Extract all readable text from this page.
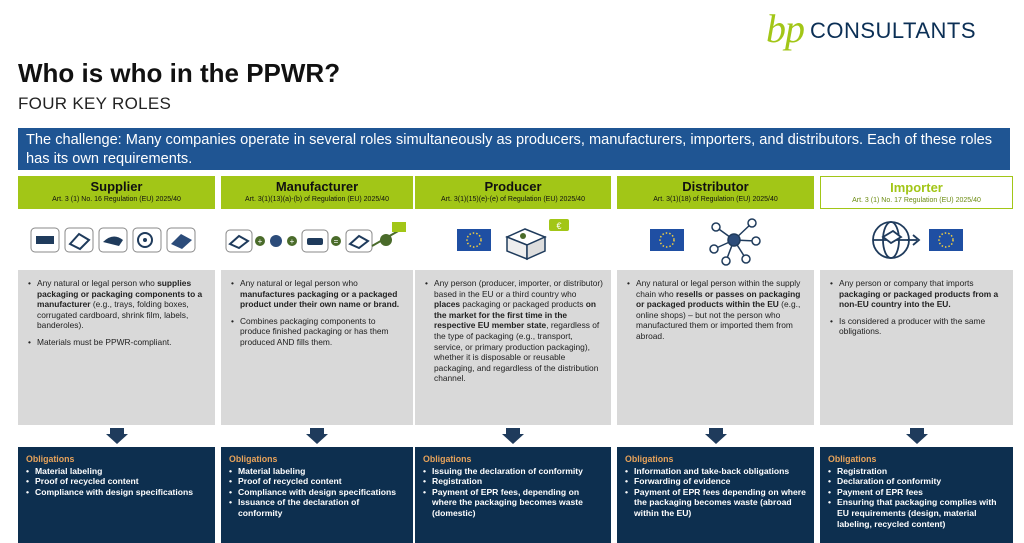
bp CONSULTANTS
Who is who in the PPWR?
FOUR KEY ROLES
The challenge: Many companies operate in several roles simultaneously as producers, manufacturers, importers, and distributors. Each of these roles has its own requirements.
Supplier
Art. 3 (1) No. 16 Regulation (EU) 2025/40
• Any natural or legal person who supplies packaging or packaging components to a manufacturer (e.g., trays, folding boxes, corrugated cardboard, shrink film, labels, banderoles).
• Materials must be PPWR-compliant.
Obligations
• Material labeling
• Proof of recycled content
• Compliance with design specifications
Manufacturer
Art. 3(1)(13)(a)-(b) of Regulation (EU) 2025/40
+	+	=
• Any natural or legal person who manufactures packaging or a packaged product under their own name or brand.
• Combines packaging components to produce finished packaging or has them produced AND fills them.
Obligations
• Material labeling
• Proof of recycled content
• Compliance with design specifications
• Issuance of the declaration of conformity
Producer
Art. 3(1)(15)(e)-(e) of Regulation (EU) 2025/40
€
• Any person (producer, importer, or distributor) based in the EU or a third country who places packaging or packaged products on the market for the first time in the respective EU member state, regardless of the type of packaging (e.g., transport, service, or primary production packaging), whether it is disposable or reusable packaging, and regardless of the distribution channel.
Obligations
• Issuing the declaration of conformity
• Registration
• Payment of EPR fees, depending on where the packaging becomes waste (domestic)
Distributor
Art. 3(1)(18) of Regulation (EU) 2025/40
• Any natural or legal person within the supply chain who resells or passes on packaging or packaged products within the EU (e.g., online shops) – but not the person who manufactured them or imported them from abroad.
Obligations
• Information and take-back obligations
• Forwarding of evidence
• Payment of EPR fees depending on where the packaging becomes waste (abroad within the EU)
Importer
Art. 3 (1) No. 17 Regulation (EU) 2025/40
• Any person or company that imports packaging or packaged products from a non-EU country into the EU.
• Is considered a producer with the same obligations.
Obligations
• Registration
• Declaration of conformity
• Payment of EPR fees
• Ensuring that packaging complies with EU requirements (design, material labeling, recycled content)
